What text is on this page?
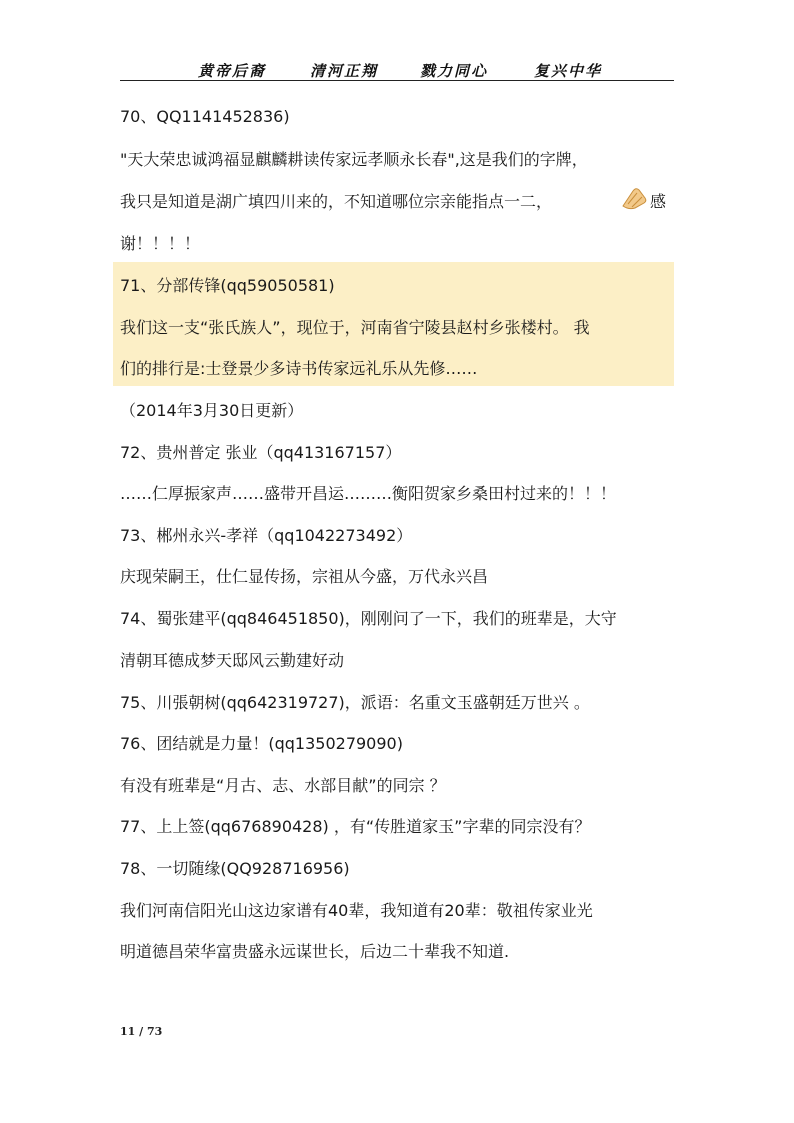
黄帝后裔	清河正翔	戮力同心	复兴中华
70、QQ1141452836)
"天大荣忠诚鸿福显麒麟耕读传家远孝顺永长春",这是我们的字牌，
我只是知道是湖广填四川来的，不知道哪位宗亲能指点一二，	感
谢！！！！
71、分部传锋(qq59050581)
我们这一支“张氏族人”，现位于，河南省宁陵县赵村乡张楼村。 我
们的排行是:士登景少多诗书传家远礼乐从先修……
（2014年3月30日更新）
72、贵州普定 张业（qq413167157）
……仁厚振家声……盛带开昌运………衡阳贺家乡桑田村过来的！！！
73、郴州永兴-孝祥（qq1042273492）
庆现荣嗣王，仕仁显传扬，宗祖从今盛，万代永兴昌
74、蜀张建平(qq846451850)，刚刚问了一下，我们的班辈是，大守
清朝耳德成梦天邸风云勤建好动
75、川張朝树(qq642319727)，派语：名重文玉盛朝廷万世兴 。
76、团结就是力量！(qq1350279090)
有没有班辈是“月古、志、水部目献”的同宗 ？
77、上上签(qq676890428) ，有“传胜道家玉”字辈的同宗没有？
78、一切随缘(QQ928716956)
我们河南信阳光山这边家谱有40辈，我知道有20辈：敬祖传家业光
明道德昌荣华富贵盛永远谋世长，后边二十辈我不知道.
11 / 73
